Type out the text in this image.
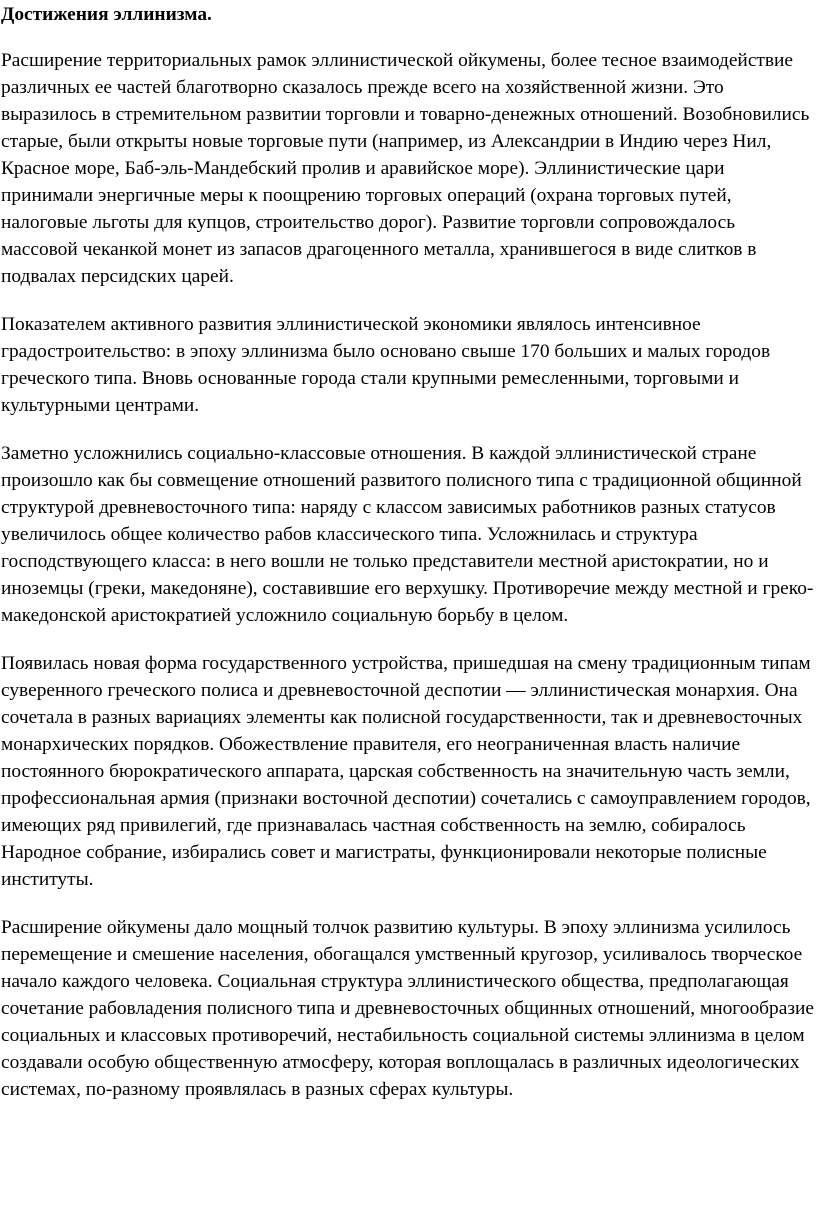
Достижения эллинизма.

Расширение территориальных рамок эллинистической ойкумены, более тесное взаимодействие различных ее частей благотворно сказалось прежде всего на хозяйственной жизни. Это выразилось в стремительном развитии торговли и товарно-денежных отношений. Возобновились старые, были открыты новые торговые пути (например, из Александрии в Индию через Нил, Красное море, Баб-эль-Мандебский пролив и аравийское море). Эллинистические цари принимали энергичные меры к поощрению торговых операций (охрана торговых путей, налоговые льготы для купцов, строительство дорог). Развитие торговли сопровождалось массовой чеканкой монет из запасов драгоценного металла, хранившегося в виде слитков в подвалах персидских царей.

Показателем активного развития эллинистической экономики являлось интенсивное градостроительство: в эпоху эллинизма было основано свыше 170 больших и малых городов греческого типа. Вновь основанные города стали крупными ремесленными, торговыми и культурными центрами.

Заметно усложнились социально-классовые отношения. В каждой эллинистической стране произошло как бы совмещение отношений развитого полисного типа с традиционной общинной структурой древневосточного типа: наряду с классом зависимых работников разных статусов увеличилось общее количество рабов классического типа. Усложнилась и структура господствующего класса: в него вошли не только представители местной аристократии, но и иноземцы (греки, македоняне), составившие его верхушку. Противоречие между местной и греко-македонской аристократией усложнило социальную борьбу в целом.

Появилась новая форма государственного устройства, пришедшая на смену традиционным типам суверенного греческого полиса и древневосточной деспотии — эллинистическая монархия. Она сочетала в разных вариациях элементы как полисной государственности, так и древневосточных монархических порядков. Обожествление правителя, его неограниченная власть наличие постоянного бюрократического аппарата, царская собственность на значительную часть земли, профессиональная армия (признаки восточной деспотии) сочетались с самоуправлением городов, имеющих ряд привилегий, где признавалась частная собственность на землю, собиралось Народное собрание, избирались совет и магистраты, функционировали некоторые полисные институты.

Расширение ойкумены дало мощный толчок развитию культуры. В эпоху эллинизма усилилось перемещение и смешение населения, обогащался умственный кругозор, усиливалось творческое начало каждого человека. Социальная структура эллинистического общества, предполагающая сочетание рабовладения полисного типа и древневосточных общинных отношений, многообразие социальных и классовых противоречий, нестабильность социальной системы эллинизма в целом создавали особую общественную атмосферу, которая воплощалась в различных идеологических системах, по-разному проявлялась в разных сферах культуры.
